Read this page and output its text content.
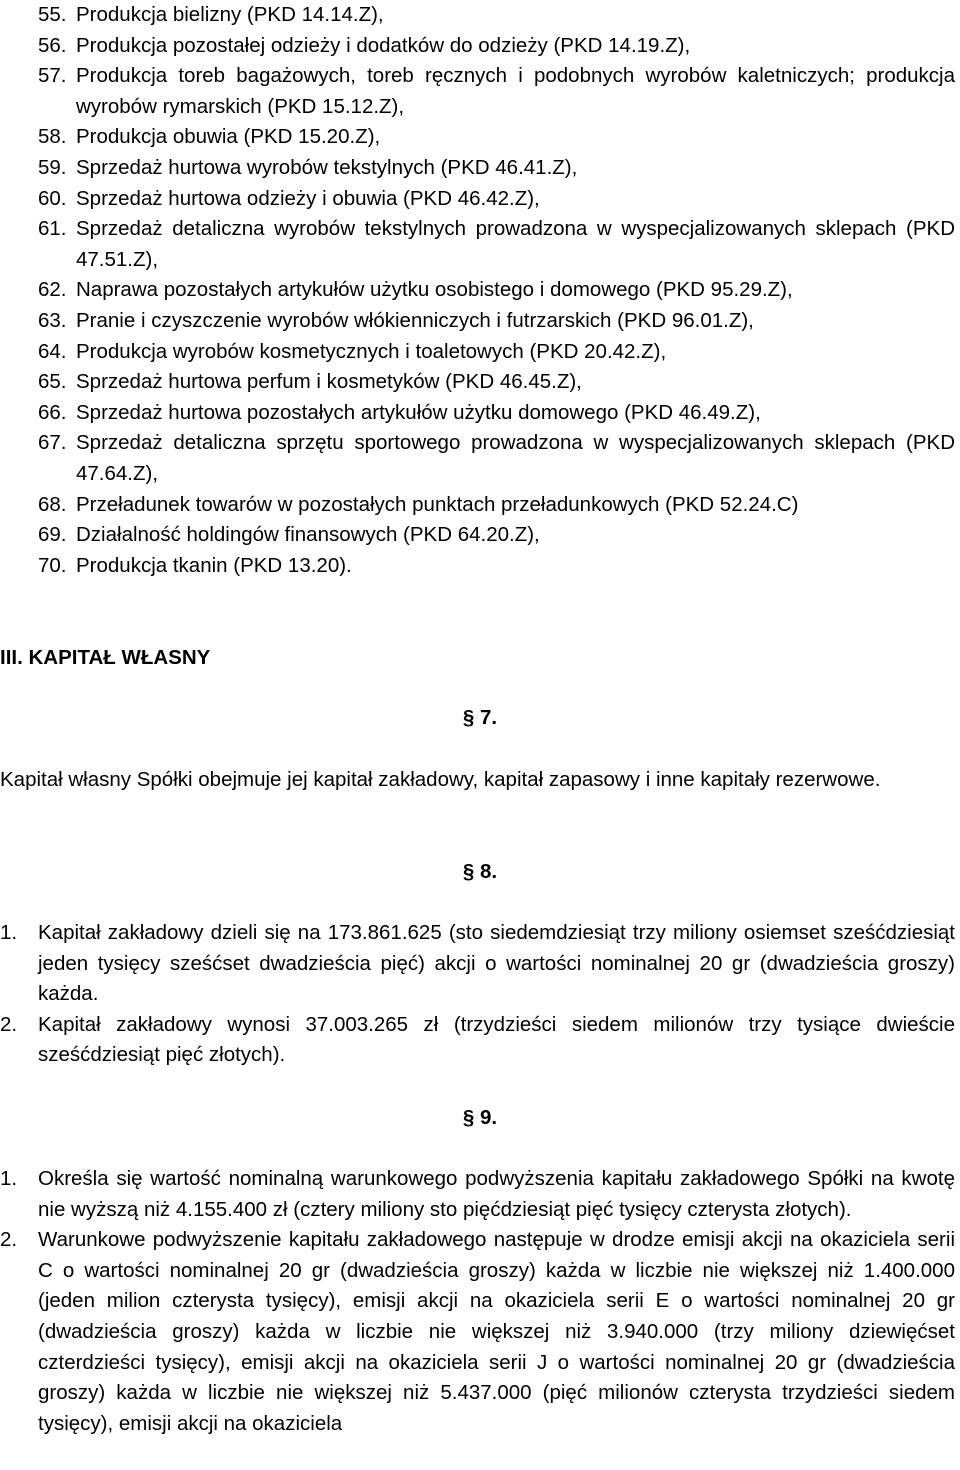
55. Produkcja bielizny (PKD 14.14.Z),
56. Produkcja pozostałej odzieży i dodatków do odzieży (PKD 14.19.Z),
57. Produkcja toreb bagażowych, toreb ręcznych i podobnych wyrobów kaletniczych; produkcja wyrobów rymarskich (PKD 15.12.Z),
58. Produkcja obuwia (PKD 15.20.Z),
59. Sprzedaż hurtowa wyrobów tekstylnych (PKD 46.41.Z),
60. Sprzedaż hurtowa odzieży i obuwia (PKD 46.42.Z),
61. Sprzedaż detaliczna wyrobów tekstylnych prowadzona w wyspecjalizowanych sklepach (PKD 47.51.Z),
62. Naprawa pozostałych artykułów użytku osobistego i domowego (PKD 95.29.Z),
63. Pranie i czyszczenie wyrobów włókienniczych i futrzarskich (PKD 96.01.Z),
64. Produkcja wyrobów kosmetycznych i toaletowych (PKD 20.42.Z),
65. Sprzedaż hurtowa perfum i kosmetyków (PKD 46.45.Z),
66. Sprzedaż hurtowa pozostałych artykułów użytku domowego (PKD 46.49.Z),
67. Sprzedaż detaliczna sprzętu sportowego prowadzona w wyspecjalizowanych sklepach (PKD 47.64.Z),
68. Przeładunek towarów w pozostałych punktach przeładunkowych (PKD 52.24.C)
69. Działalność holdingów finansowych (PKD 64.20.Z),
70. Produkcja tkanin (PKD 13.20).
III. KAPITAŁ WŁASNY
§ 7.

Kapitał własny Spółki obejmuje jej kapitał zakładowy, kapitał zapasowy i inne kapitały rezerwowe.

§ 8.
1.	Kapitał zakładowy dzieli się na 173.861.625 (sto siedemdziesiąt trzy miliony osiemset sześćdziesiąt jeden tysięcy sześćset dwadzieścia pięć) akcji o wartości nominalnej 20 gr (dwadzieścia groszy) każda.
2.	Kapitał zakładowy wynosi 37.003.265 zł (trzydzieści siedem milionów trzy tysiące dwieście sześćdziesiąt pięć złotych).
§ 9.
1.	Określa się wartość nominalną warunkowego podwyższenia kapitału zakładowego Spółki na kwotę nie wyższą niż 4.155.400 zł (cztery miliony sto pięćdziesiąt pięć tysięcy czterysta złotych).
2.	Warunkowe podwyższenie kapitału zakładowego następuje w drodze emisji akcji na okaziciela serii C o wartości nominalnej 20 gr (dwadzieścia groszy) każda w liczbie nie większej niż 1.400.000 (jeden milion czterysta tysięcy), emisji akcji na okaziciela serii E o wartości nominalnej 20 gr (dwadzieścia groszy) każda w liczbie nie większej niż 3.940.000 (trzy miliony dziewięćset czterdzieści tysięcy), emisji akcji na okaziciela serii J o wartości nominalnej 20 gr (dwadzieścia groszy) każda w liczbie nie większej niż 5.437.000 (pięć milionów czterysta trzydzieści siedem tysięcy), emisji akcji na okaziciela
